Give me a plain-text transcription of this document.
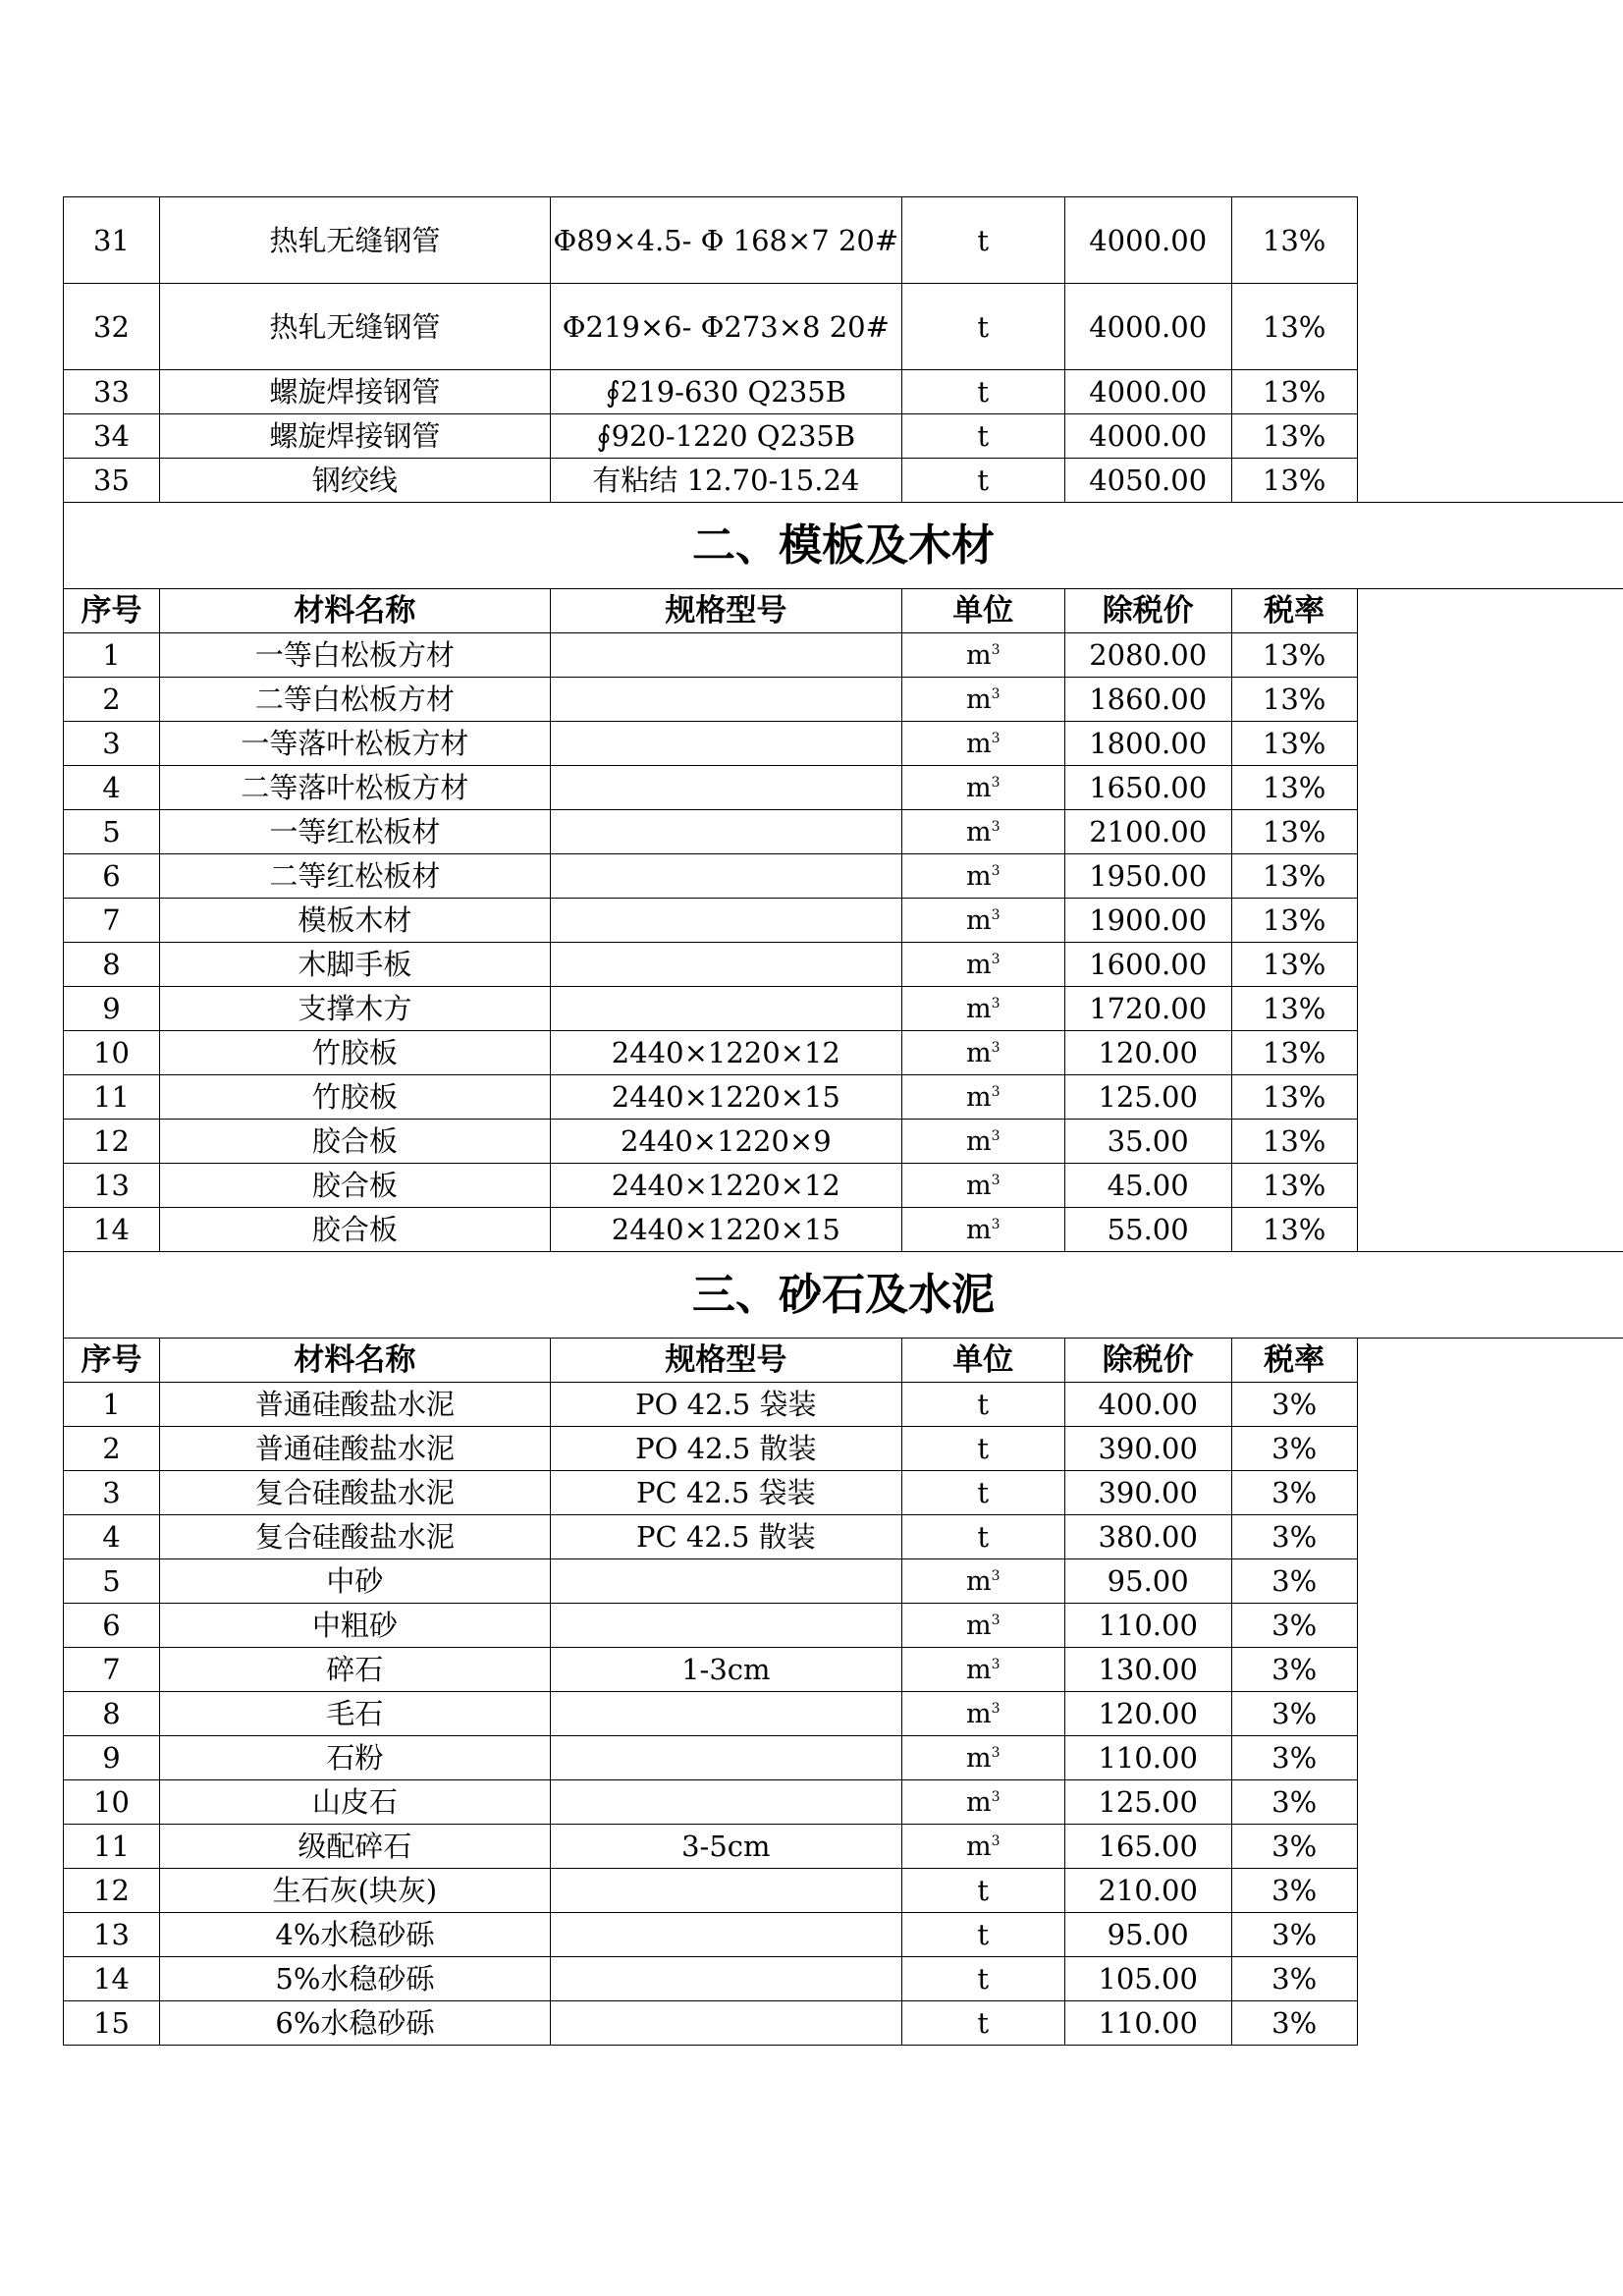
31	热轧无缝钢管	Φ89×4.5- Φ 168×7 20#	t	4000.00	13%	
32	热轧无缝钢管	Φ219×6- Φ273×8 20#	t	4000.00	13%	
33	螺旋焊接钢管	∮219-630 Q235B	t	4000.00	13%	
34	螺旋焊接钢管	∮920-1220 Q235B	t	4000.00	13%	
35	钢绞线	有粘结 12.70-15.24	t	4050.00	13%	
二、模板及木材						
序号	材料名称	规格型号	单位	除税价	税率	
1	一等白松板方材		$m^3$	2080.00	13%	
2	二等白松板方材		$m^3$	1860.00	13%	
3	一等落叶松板方材		$m^3$	1800.00	13%	
4	二等落叶松板方材		$m^3$	1650.00	13%	
5	一等红松板材		$m^3$	2100.00	13%	
6	二等红松板材		$m^3$	1950.00	13%	
7	模板木材		$m^3$	1900.00	13%	
8	木脚手板		$m^3$	1600.00	13%	
9	支撑木方		$m^3$	1720.00	13%	
10	竹胶板	2440×1220×12	$m^3$	120.00	13%	
11	竹胶板	2440×1220×15	$m^3$	125.00	13%	
12	胶合板	2440×1220×9	$m^3$	35.00	13%	
13	胶合板	2440×1220×12	$m^3$	45.00	13%	
14	胶合板	2440×1220×15	$m^3$	55.00	13%	
三、砂石及水泥						
序号	材料名称	规格型号	单位	除税价	税率	
1	普通硅酸盐水泥	PO 42.5 袋装	t	400.00	3%	
2	普通硅酸盐水泥	PO 42.5 散装	t	390.00	3%	
3	复合硅酸盐水泥	PC 42.5 袋装	t	390.00	3%	
4	复合硅酸盐水泥	PC 42.5 散装	t	380.00	3%	
5	中砂		$m^3$	95.00	3%	
6	中粗砂		$m^3$	110.00	3%	
7	碎石	1-3cm	$m^3$	130.00	3%	
8	毛石		$m^3$	120.00	3%	
9	石粉		$m^3$	110.00	3%	
10	山皮石		$m^3$	125.00	3%	
11	级配碎石	3-5cm	$m^3$	165.00	3%	
12	生石灰(块灰)		t	210.00	3%	
13	4%水稳砂砾		t	95.00	3%	
14	5%水稳砂砾		t	105.00	3%	
15	6%水稳砂砾		t	110.00	3%	
